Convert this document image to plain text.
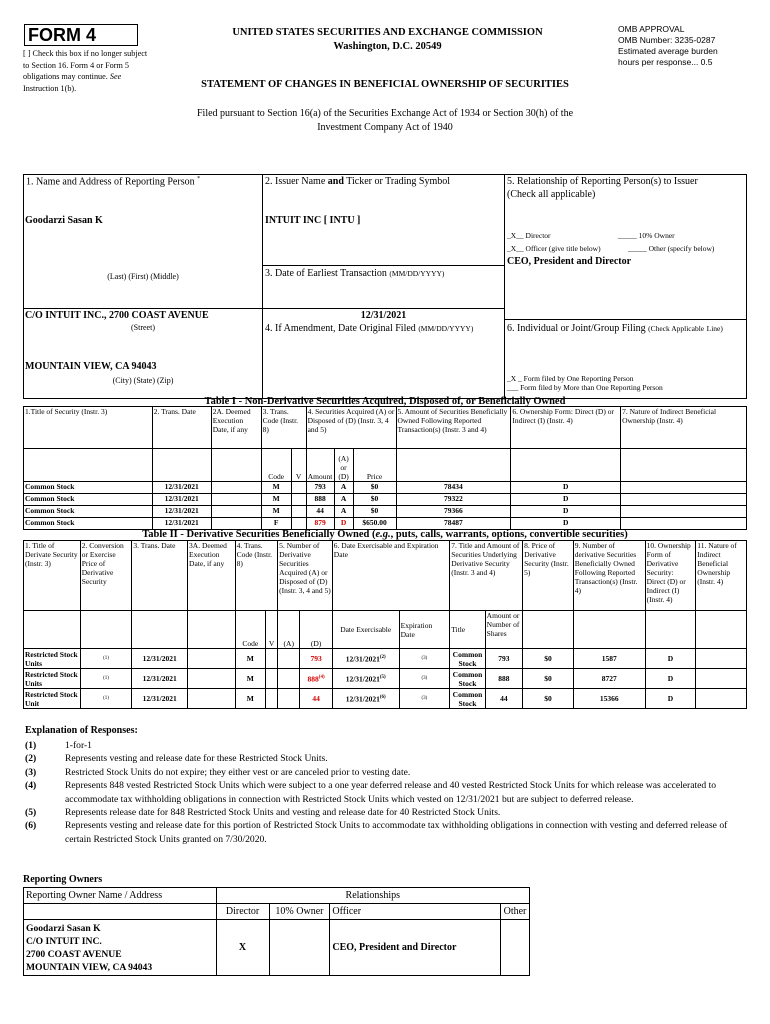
FORM 4
[ ] Check this box if no longer subject to Section 16. Form 4 or Form 5 obligations may continue. See Instruction 1(b).
UNITED STATES SECURITIES AND EXCHANGE COMMISSION
Washington, D.C. 20549
STATEMENT OF CHANGES IN BENEFICIAL OWNERSHIP OF SECURITIES
OMB APPROVAL
OMB Number: 3235-0287
Estimated average burden
hours per response... 0.5
Filed pursuant to Section 16(a) of the Securities Exchange Act of 1934 or Section 30(h) of the
Investment Company Act of 1940
1. Name and Address of Reporting Person *
Goodarzi Sasan K
(Last) (First) (Middle)
C/O INTUIT INC., 2700 COAST AVENUE
(Street)
MOUNTAIN VIEW, CA 94043
(City) (State) (Zip)
2. Issuer Name and Ticker or Trading Symbol
INTUIT INC [ INTU ]
3. Date of Earliest Transaction (MM/DD/YYYY)
12/31/2021
4. If Amendment, Date Original Filed (MM/DD/YYYY)
5. Relationship of Reporting Person(s) to Issuer
(Check all applicable)
_X__ Director	_____ 10% Owner
_X__ Officer (give title below)	_____ Other (specify below)
CEO, President and Director
6. Individual or Joint/Group Filing (Check Applicable Line)
_X _ Form filed by One Reporting Person
___ Form filed by More than One Reporting Person
Table I - Non-Derivative Securities Acquired, Disposed of, or Beneficially Owned
1.Title of Security (Instr. 3)	2. Trans. Date	2A. Deemed Execution Date, if any	3. Trans. Code (Instr. 8)		4. Securities Acquired (A) or Disposed of (D) (Instr. 3, 4 and 5)			5. Amount of Securities Beneficially Owned Following Reported Transaction(s) (Instr. 3 and 4)	6. Ownership Form: Direct (D) or Indirect (I) (Instr. 4)	7. Nature of Indirect Beneficial Ownership (Instr. 4)
			Code	V	Amount	(A) or (D)	Price			
Common Stock	12/31/2021		M		793	A	$0	78434	D	
Common Stock	12/31/2021		M		888	A	$0	79322	D	
Common Stock	12/31/2021		M		44	A	$0	79366	D	
Common Stock	12/31/2021		F		879	D	$650.00	78487	D	
Table II - Derivative Securities Beneficially Owned (e.g., puts, calls, warrants, options, convertible securities)
1. Title of Derivate Security (Instr. 3)	2. Conversion or Exercise Price of Derivative Security	3. Trans. Date	3A. Deemed Execution Date, if any	4. Trans. Code (Instr. 8)		5. Number of Derivative Securities Acquired (A) or Disposed of (D) (Instr. 3, 4 and 5)		6. Date Exercisable and Expiration Date		7. Title and Amount of Securities Underlying Derivative Security (Instr. 3 and 4)		8. Price of Derivative Security (Instr. 5)	9. Number of derivative Securities Beneficially Owned Following Reported Transaction(s) (Instr. 4)	10. Ownership Form of Derivative Security: Direct (D) or Indirect (I) (Instr. 4)	11. Nature of Indirect Beneficial Ownership (Instr. 4)
				Code	V	(A)	(D)	Date Exercisable	Expiration Date	Title	Amount or Number of Shares				
Restricted Stock Units	(1)	12/31/2021		M			793	12/31/2021$^{(2)}$	(3)	Common Stock	793	$0	1587	D	
Restricted Stock Units	(1)	12/31/2021		M			888$^{(4)}$	12/31/2021$^{(5)}$	(3)	Common Stock	888	$0	8727	D	
Restricted Stock Unit	(1)	12/31/2021		M			44	12/31/2021$^{(6)}$	(3)	Common Stock	44	$0	15366	D	
Explanation of Responses:
(1)	1-for-1
(2)	Represents vesting and release date for these Restricted Stock Units.
(3)	Restricted Stock Units do not expire; they either vest or are canceled prior to vesting date.
(4)	Represents 848 vested Restricted Stock Units which were subject to a one year deferred release and 40 vested Restricted Stock Units for which release was accelerated to accommodate tax withholding obligations in connection with Restricted Stock Units which vested on 12/31/2021 but are subject to deferred release.
(5)	Represents release date for 848 Restricted Stock Units and vesting and release date for 40 Restricted Stock Units.
(6)	Represents vesting and release date for this portion of Restricted Stock Units to accommodate tax withholding obligations in connection with vesting and deferred release of certain Restricted Stock Units granted on 7/30/2020.
Reporting Owners
Reporting Owner Name / Address	Relationships			
	Director	10% Owner	Officer	Other

Goodarzi Sasan K
C/O INTUIT INC.
2700 COAST AVENUE
MOUNTAIN VIEW, CA 94043	X		CEO, President and Director	
